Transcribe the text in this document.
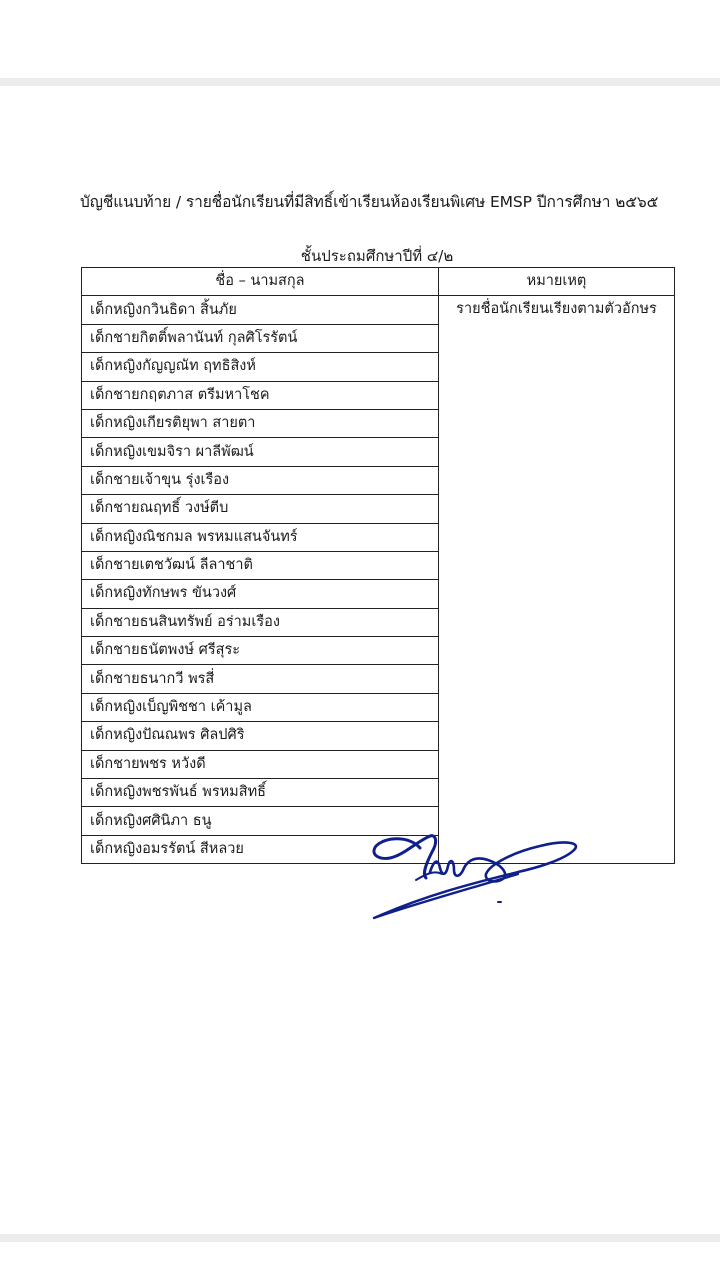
บัญชีแนบท้าย / รายชื่อนักเรียนที่มีสิทธิ์เข้าเรียนห้องเรียนพิเศษ EMSP ปีการศึกษา ๒๕๖๕
ชั้นประถมศึกษาปีที่ ๔/๒
ชื่อ – นามสกุล	หมายเหตุ
เด็กหญิงกวินธิดา สิ้นภัย	รายชื่อนักเรียนเรียงตามตัวอักษร
เด็กชายกิตติ์พลานันท์ กุลศิโรรัตน์	
เด็กหญิงกัญญณัท ฤทธิสิงห์	
เด็กชายกฤตภาส ตรีมหาโชค	
เด็กหญิงเกียรติยุพา สายตา	
เด็กหญิงเขมจิรา ผาลีพัฒน์	
เด็กชายเจ้าขุน รุ่งเรือง	
เด็กชายณฤทธิ์ วงษ์ตีบ	
เด็กหญิงณิชกมล พรหมแสนจันทร์	
เด็กชายเตชวัฒน์ ลีลาชาติ	
เด็กหญิงทักษพร ขันวงศ์	
เด็กชายธนสินทรัพย์ อร่ามเรือง	
เด็กชายธนัตพงษ์ ศรีสุระ	
เด็กชายธนากวี พรสี่	
เด็กหญิงเบ็ญพิชชา เค้ามูล	
เด็กหญิงปัณณพร ศิลปศิริ	
เด็กชายพชร หวังดี	
เด็กหญิงพชรพันธ์ พรหมสิทธิ์	
เด็กหญิงศศินิภา ธนู	
เด็กหญิงอมรรัตน์ สีหลวย	
